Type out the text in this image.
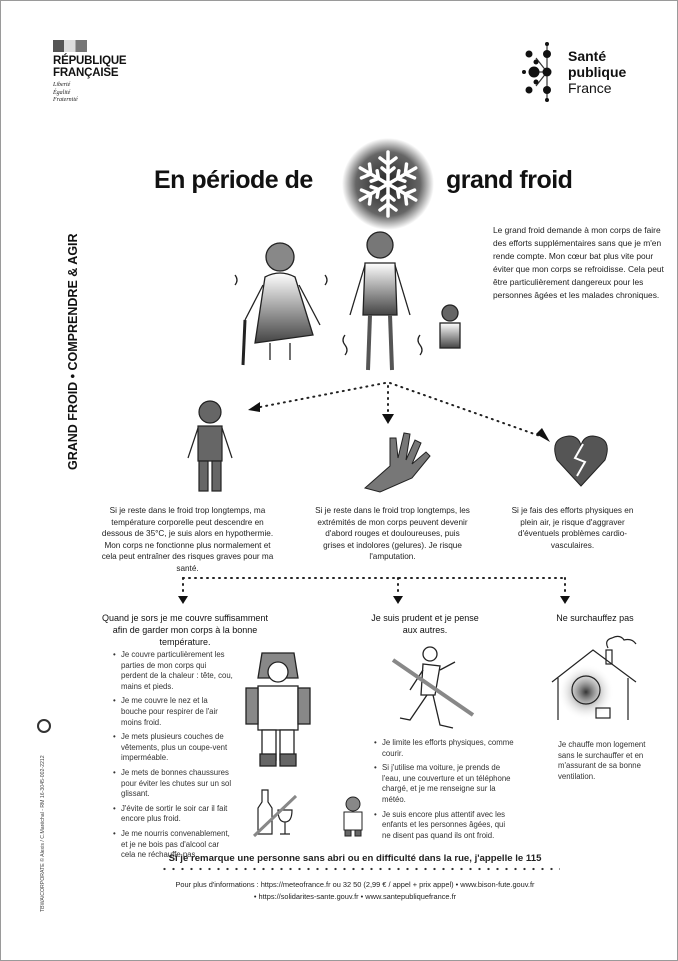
RÉPUBLIQUE
FRANÇAISE
Liberté
Égalité
Fraternité
Santé
publique
France
En période de	grand froid
GRAND FROID • COMPRENDRE & AGIR
Le grand froid demande à mon corps de faire des efforts supplémentaires sans que je m'en rende compte. Mon cœur bat plus vite pour éviter que mon corps se refroidisse. Cela peut être particulièrement dangereux pour les personnes âgées et les malades chroniques.
Si je reste dans le froid trop longtemps, ma température corporelle peut descendre en dessous de 35°C, je suis alors en hypothermie. Mon corps ne fonctionne plus normalement et cela peut entraîner des risques graves pour ma santé.
Si je reste dans le froid trop longtemps, les extrémités de mon corps peuvent devenir d'abord rouges et douloureuses, puis grises et indolores (gelures). Je risque l'amputation.
Si je fais des efforts physiques en plein air, je risque d'aggraver d'éventuels problèmes cardio-vasculaires.
Quand je sors je me couvre suffisamment afin de garder mon corps à la bonne température.
• Je couvre particulièrement les parties de mon corps qui perdent de la chaleur : tête, cou, mains et pieds.
• Je me couvre le nez et la bouche pour respirer de l'air moins froid.
• Je mets plusieurs couches de vêtements, plus un coupe-vent imperméable.
• Je mets de bonnes chaussures pour éviter les chutes sur un sol glissant.
• J'évite de sortir le soir car il fait encore plus froid.
• Je me nourris convenablement, et je ne bois pas d'alcool car cela ne réchauffe pas.
Je suis prudent et je pense aux autres.
• Je limite les efforts physiques, comme courir.
• Si j'utilise ma voiture, je prends de l'eau, une couverture et un téléphone chargé, et je me renseigne sur la météo.
• Je suis encore plus attentif avec les enfants et les personnes âgées, qui ne disent pas quand ils ont froid.
Ne surchauffez pas
Je chauffe mon logement sans le surchauffer et en m'assurant de sa bonne ventilation.
Si je remarque une personne sans abri ou en difficulté dans la rue, j'appelle le 115
Pour plus d'informations : https://meteofrance.fr ou 32 50 (2,99 € / appel + prix appel) • www.bison-fute.gouv.fr
• https://solidarites-sante.gouv.fr • www.santepubliquefrance.fr
TBWA\CORPORATE © Alexis / C.Maréchal - RM 16-3045-002-2212
